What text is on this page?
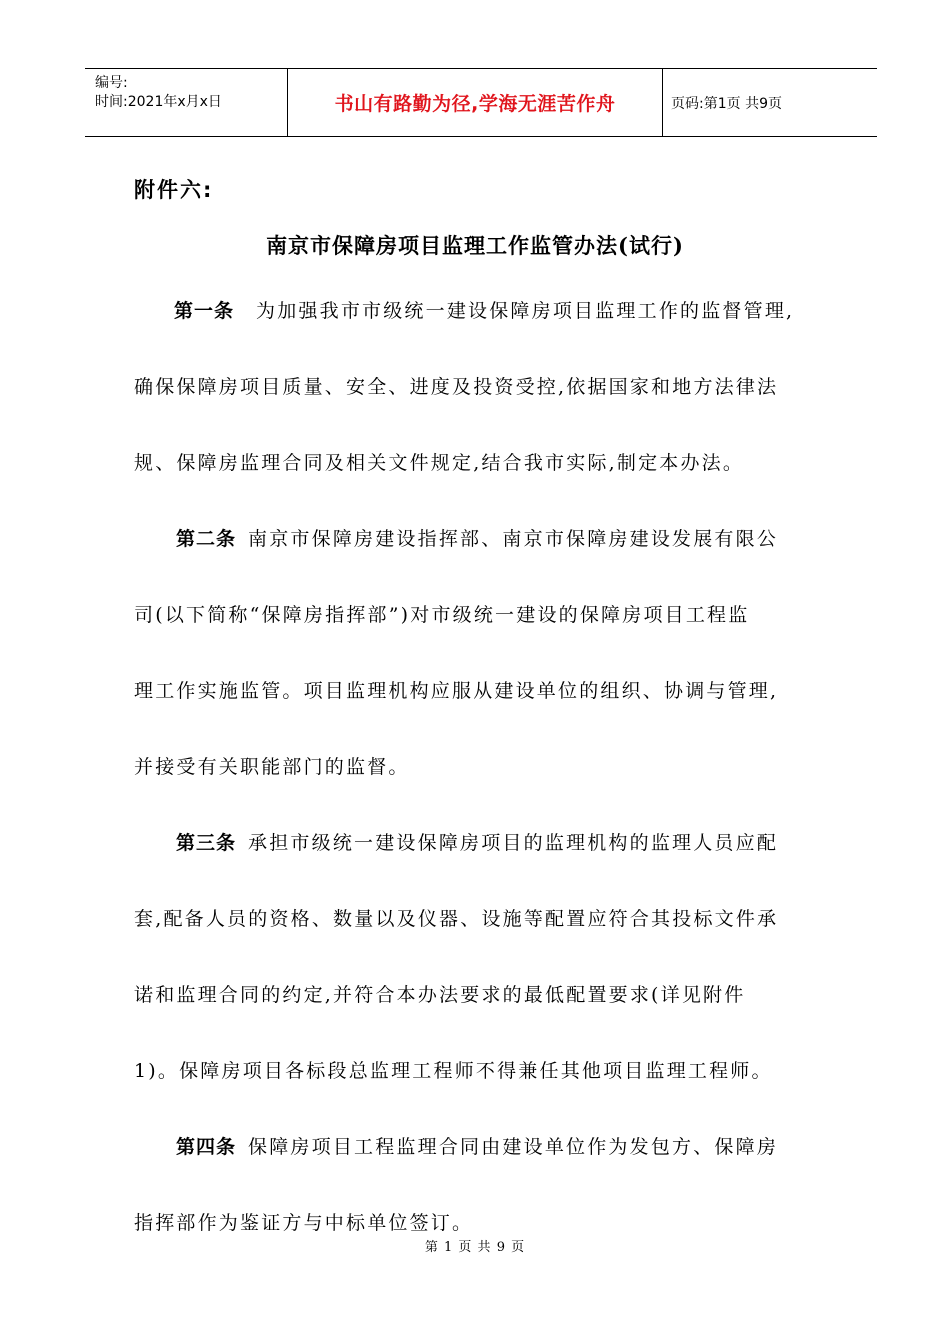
编号:
时间:2021年x月x日	书山有路勤为径,学海无涯苦作舟	页码:第1页 共9页
附件六:
南京市保障房项目监理工作监管办法(试行)
第一条 为加强我市市级统一建设保障房项目监理工作的监督管理,
确保保障房项目质量、安全、进度及投资受控,依据国家和地方法律法
规、保障房监理合同及相关文件规定,结合我市实际,制定本办法。
第二条 南京市保障房建设指挥部、南京市保障房建设发展有限公
司(以下简称“保障房指挥部”)对市级统一建设的保障房项目工程监
理工作实施监管。项目监理机构应服从建设单位的组织、协调与管理,
并接受有关职能部门的监督。
第三条 承担市级统一建设保障房项目的监理机构的监理人员应配
套,配备人员的资格、数量以及仪器、设施等配置应符合其投标文件承
诺和监理合同的约定,并符合本办法要求的最低配置要求(详见附件
1)。保障房项目各标段总监理工程师不得兼任其他项目监理工程师。
第四条 保障房项目工程监理合同由建设单位作为发包方、保障房
指挥部作为鉴证方与中标单位签订。
第 1 页 共 9 页
